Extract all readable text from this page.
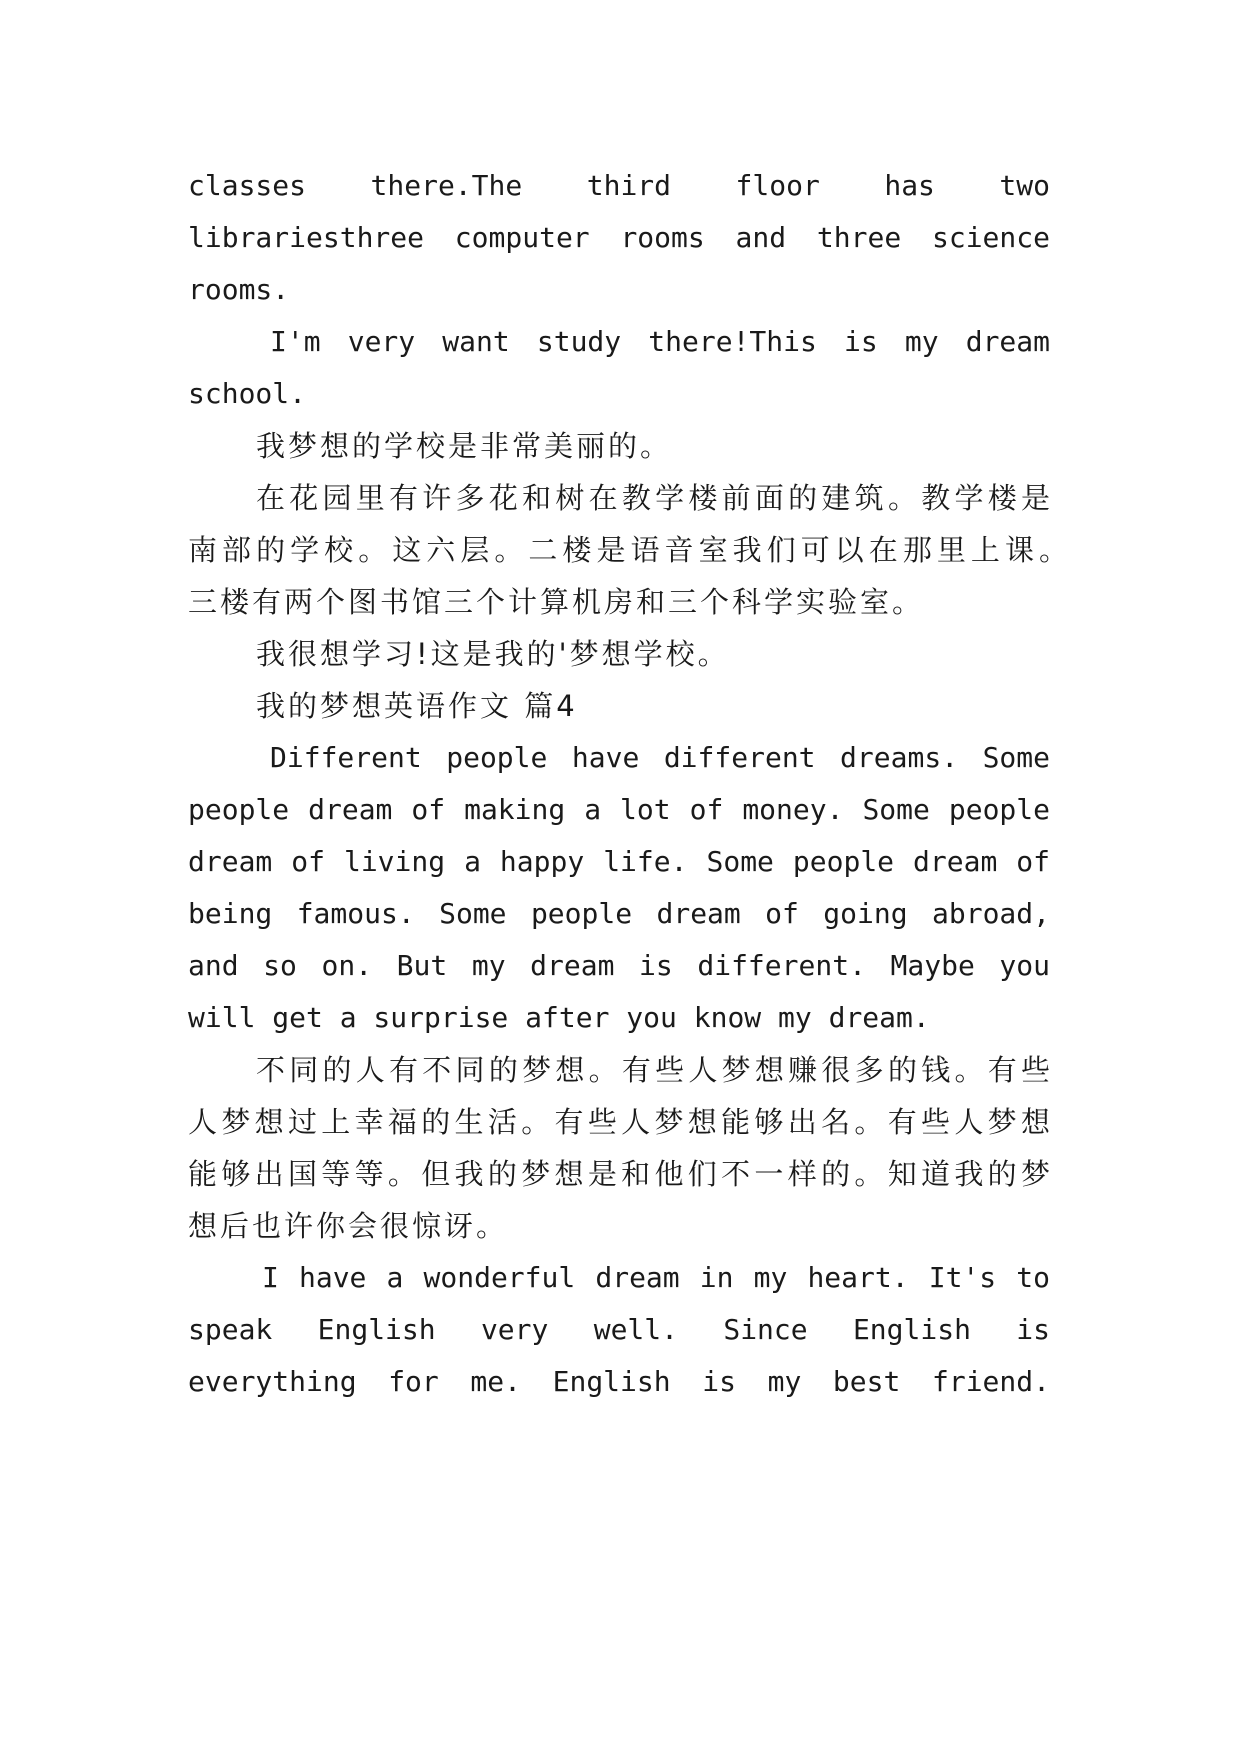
classes there.The third floor has two
librariesthree computer rooms and three science
rooms.
I'm very want study there!This is my dream
school.
我梦想的学校是非常美丽的。
在花园里有许多花和树在教学楼前面的建筑。教学楼是
南部的学校。这六层。二楼是语音室我们可以在那里上课。
三楼有两个图书馆三个计算机房和三个科学实验室。
我很想学习!这是我的'梦想学校。
我的梦想英语作文 篇4
Different people have different dreams. Some
people dream of making a lot of money. Some people
dream of living a happy life. Some people dream of
being famous. Some people dream of going abroad,
and so on. But my dream is different. Maybe you
will get a surprise after you know my dream.
不同的人有不同的梦想。有些人梦想赚很多的钱。有些
人梦想过上幸福的生活。有些人梦想能够出名。有些人梦想
能够出国等等。但我的梦想是和他们不一样的。知道我的梦
想后也许你会很惊讶。
I have a wonderful dream in my heart. It's to
speak English very well. Since English is
everything for me. English is my best friend.
